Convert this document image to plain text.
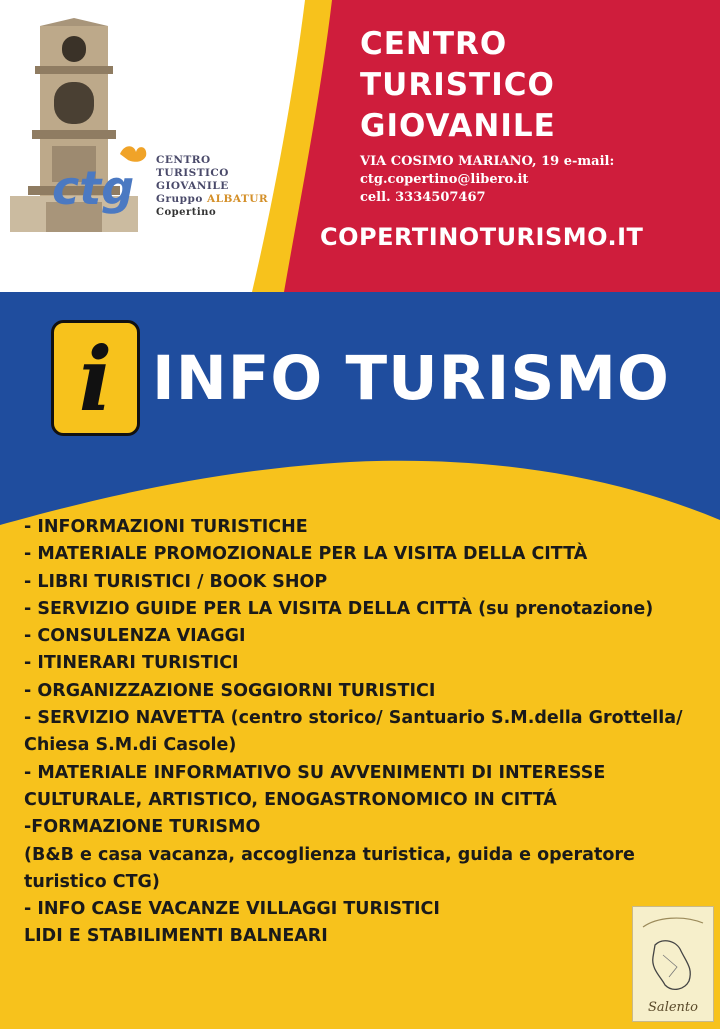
ctg
CENTRO
TURISTICO
GIOVANILE
Gruppo ALBATUR
Copertino
CENTRO
TURISTICO
GIOVANILE
VIA COSIMO MARIANO, 19 e-mail:
ctg.copertino@libero.it
cell. 3334507467
COPERTINOTURISMO.IT
i INFO TURISMO
- INFORMAZIONI TURISTICHE
- MATERIALE PROMOZIONALE PER LA VISITA DELLA CITTÀ
- LIBRI TURISTICI / BOOK SHOP
- SERVIZIO GUIDE PER LA VISITA DELLA CITTÀ (su prenotazione)
- CONSULENZA VIAGGI
- ITINERARI TURISTICI
- ORGANIZZAZIONE SOGGIORNI TURISTICI
- SERVIZIO NAVETTA (centro storico/ Santuario S.M.della Grottella/ Chiesa S.M.di Casole)
- MATERIALE INFORMATIVO SU AVVENIMENTI DI INTERESSE CULTURALE, ARTISTICO, ENOGASTRONOMICO IN CITTÁ
-FORMAZIONE TURISMO
(B&B e casa vacanza, accoglienza turistica, guida e operatore turistico CTG)
- INFO CASE VACANZE VILLAGGI TURISTICI
LIDI E STABILIMENTI BALNEARI
Salento
